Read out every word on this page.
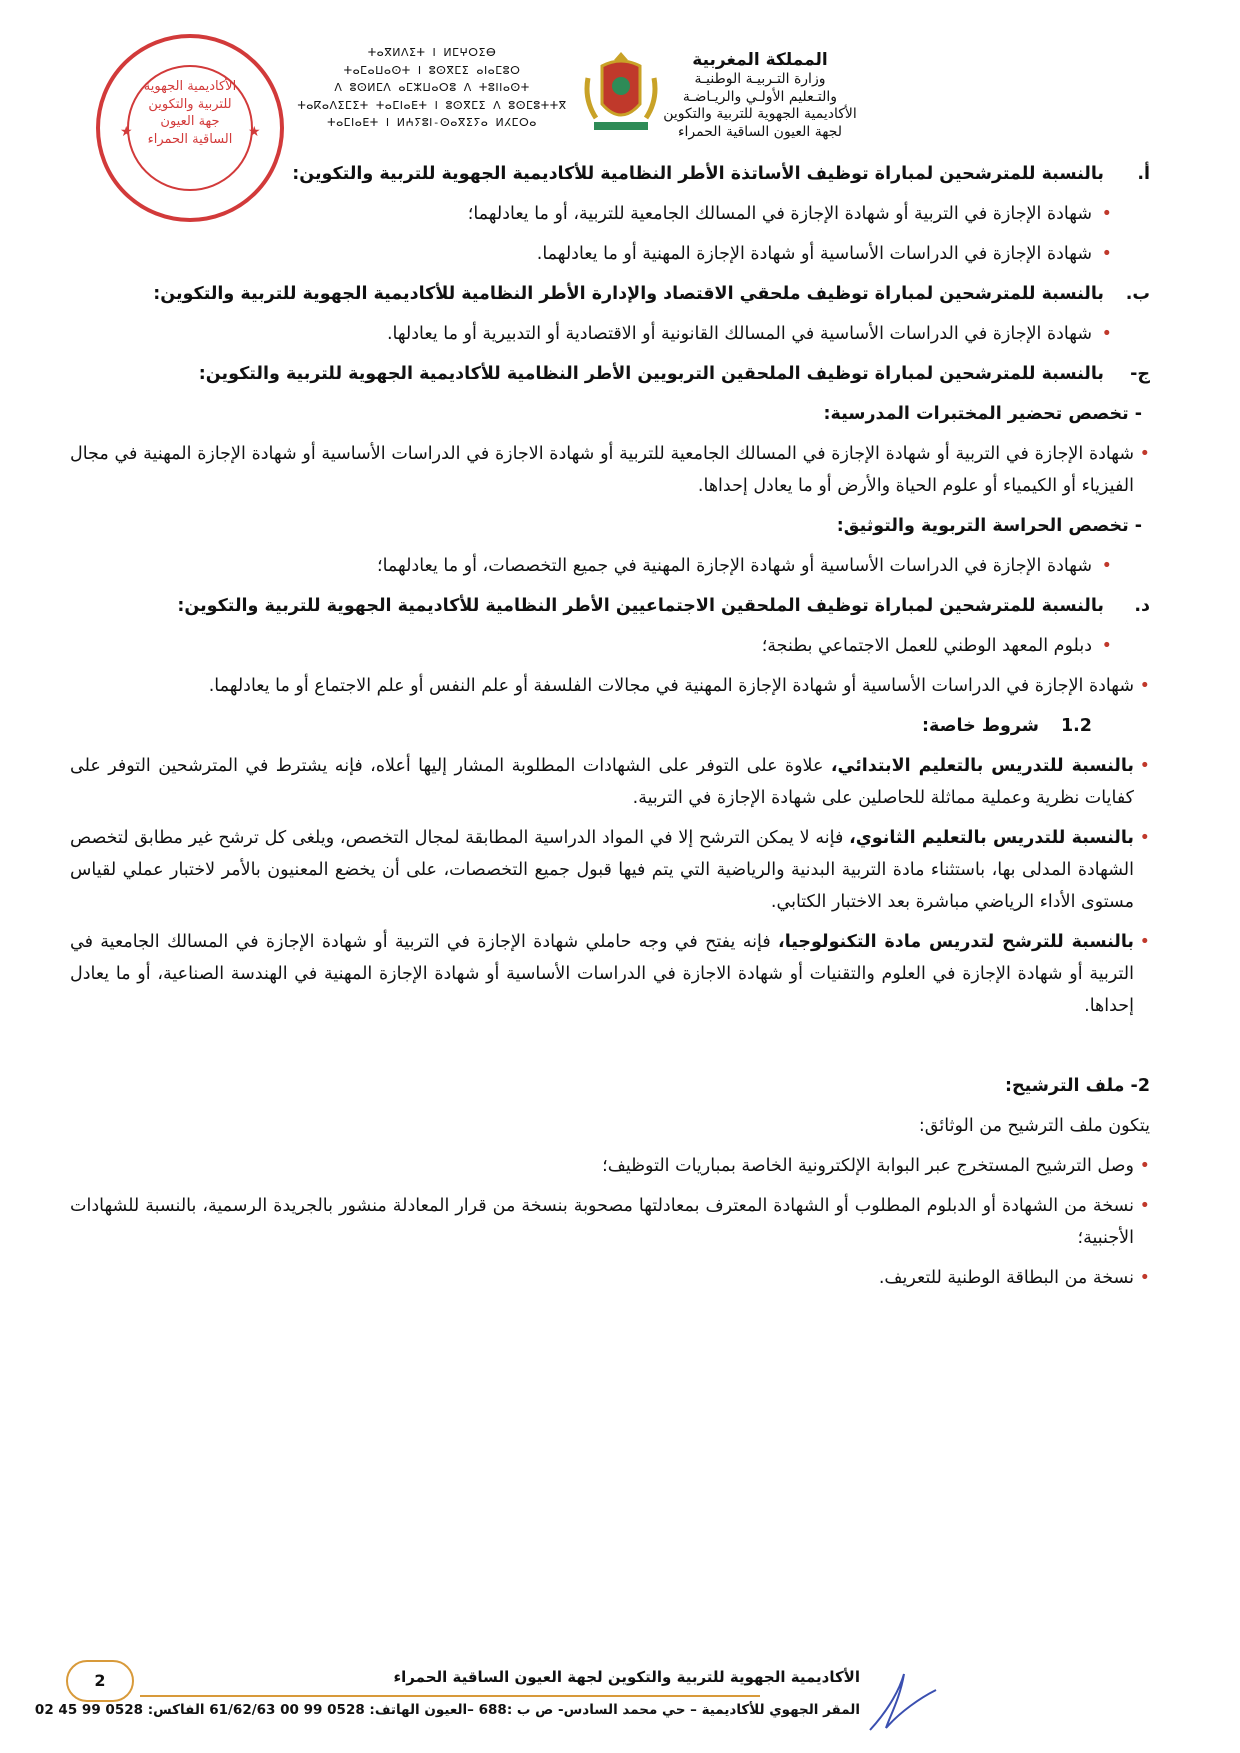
★	★
الأكاديمية الجهوية
للتربية والتكوين
جهة العيون
الساقية الحمراء
ⵜⴰⴳⵍⴷⵉⵜ ⵏ ⵍⵎⵖⵔⵉⴱ
ⵜⴰⵎⴰⵡⴰⵙⵜ ⵏ ⵓⵙⴳⵎⵉ ⴰⵏⴰⵎⵓⵔ
ⴷ ⵓⵙⵍⵎⴷ ⴰⵎⵣⵡⴰⵔⵓ ⴷ ⵜⵓⵏⵏⴰⵙⵜ
ⵜⴰⴽⴰⴷⵉⵎⵉⵜ ⵜⴰⵎⵏⴰⴹⵜ ⵏ ⵓⵙⴳⵎⵉ ⴷ ⵓⵙⵎⵓⵜⵜⴳ
ⵜⴰⵎⵏⴰⴹⵜ ⵏ ⵍⵄⵢⵓⵏ-ⵙⴰⴳⵉⵢⴰ ⵍⵃⵎⵔⴰ
المملكة المغربية
وزارة التـربيـة الوطنيـة
والتـعليم الأولـي والريـاضـة
الأكاديمية الجهوية للتربية والتكوين
لجهة العيون الساقية الحمراء
أ.
بالنسبة للمترشحين لمباراة توظيف الأساتذة الأطر النظامية للأكاديمية الجهوية للتربية والتكوين:
• شهادة الإجازة في التربية أو شهادة الإجازة في المسالك الجامعية للتربية، أو ما يعادلهما؛
• شهادة الإجازة في الدراسات الأساسية أو شهادة الإجازة المهنية أو ما يعادلهما.
ب.
بالنسبة للمترشحين لمباراة توظيف ملحقي الاقتصاد والإدارة الأطر النظامية للأكاديمية الجهوية للتربية والتكوين:
• شهادة الإجازة في الدراسات الأساسية في المسالك القانونية أو الاقتصادية أو التدبيرية أو ما يعادلها.
ج-
بالنسبة للمترشحين لمباراة توظيف الملحقين التربويين الأطر النظامية للأكاديمية الجهوية للتربية والتكوين:
- تخصص تحضير المختبرات المدرسية:
• شهادة الإجازة في التربية أو شهادة الإجازة في المسالك الجامعية للتربية أو شهادة الاجازة في الدراسات الأساسية أو شهادة الإجازة المهنية في مجال الفيزياء أو الكيمياء أو علوم الحياة والأرض أو ما يعادل إحداها.
- تخصص الحراسة التربوية والتوثيق:
• شهادة الإجازة في الدراسات الأساسية أو شهادة الإجازة المهنية في جميع التخصصات، أو ما يعادلهما؛
د.
بالنسبة للمترشحين لمباراة توظيف الملحقين الاجتماعيين الأطر النظامية للأكاديمية الجهوية للتربية والتكوين:
• دبلوم المعهد الوطني للعمل الاجتماعي بطنجة؛
• شهادة الإجازة في الدراسات الأساسية أو شهادة الإجازة المهنية في مجالات الفلسفة أو علم النفس أو علم الاجتماع أو ما يعادلهما.
1.2
شروط خاصة:
• بالنسبة للتدريس بالتعليم الابتدائي، علاوة على التوفر على الشهادات المطلوبة المشار إليها أعلاه، فإنه يشترط في المترشحين التوفر على كفايات نظرية وعملية مماثلة للحاصلين على شهادة الإجازة في التربية.
• بالنسبة للتدريس بالتعليم الثانوي، فإنه لا يمكن الترشح إلا في المواد الدراسية المطابقة لمجال التخصص، ويلغى كل ترشح غير مطابق لتخصص الشهادة المدلى بها، باستثناء مادة التربية البدنية والرياضية التي يتم فيها قبول جميع التخصصات، على أن يخضع المعنيون بالأمر لاختبار عملي لقياس مستوى الأداء الرياضي مباشرة بعد الاختبار الكتابي.
• بالنسبة للترشح لتدريس مادة التكنولوجيا، فإنه يفتح في وجه حاملي شهادة الإجازة في التربية أو شهادة الإجازة في المسالك الجامعية في التربية أو شهادة الإجازة في العلوم والتقنيات أو شهادة الاجازة في الدراسات الأساسية أو شهادة الإجازة المهنية في الهندسة الصناعية، أو ما يعادل إحداها.
2- ملف الترشيح:
يتكون ملف الترشيح من الوثائق:
• وصل الترشيح المستخرج عبر البوابة الإلكترونية الخاصة بمباريات التوظيف؛
• نسخة من الشهادة أو الدبلوم المطلوب أو الشهادة المعترف بمعادلتها مصحوبة بنسخة من قرار المعادلة منشور بالجريدة الرسمية، بالنسبة للشهادات الأجنبية؛
• نسخة من البطاقة الوطنية للتعريف.
2	الأكاديمية الجهوية للتربية والتكوين لجهة العيون الساقية الحمراء
المقر الجهوي للأكاديمية – حي محمد السادس- ص ب :688 –العيون الهاتف: 0528 99 00 61/62/63 الفاكس: 0528 99 45 02
